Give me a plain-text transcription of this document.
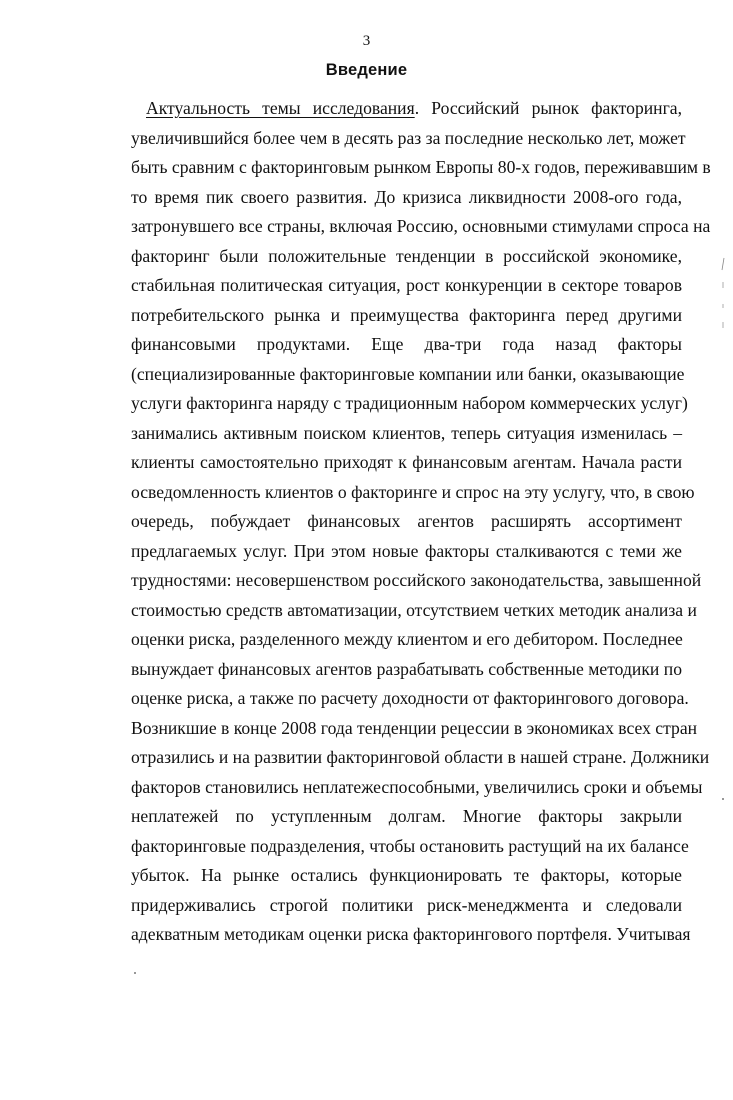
3
Введение
Актуальность темы исследования. Российский рынок факторинга,
увеличившийся более чем в десять раз за последние несколько лет, может
быть сравним с факторинговым рынком Европы 80-х годов, переживавшим в
то время пик своего развития. До кризиса ликвидности 2008-ого года,
затронувшего все страны, включая Россию, основными стимулами спроса на
факторинг были положительные тенденции в российской экономике,
стабильная политическая ситуация, рост конкуренции в секторе товаров
потребительского рынка и преимущества факторинга перед другими
финансовыми продуктами. Еще два-три года назад факторы
(специализированные факторинговые компании или банки, оказывающие
услуги факторинга наряду с традиционным набором коммерческих услуг)
занимались активным поиском клиентов, теперь ситуация изменилась –
клиенты самостоятельно приходят к финансовым агентам. Начала расти
осведомленность клиентов о факторинге и спрос на эту услугу, что, в свою
очередь, побуждает финансовых агентов расширять ассортимент
предлагаемых услуг. При этом новые факторы сталкиваются с теми же
трудностями: несовершенством российского законодательства, завышенной
стоимостью средств автоматизации, отсутствием четких методик анализа и
оценки риска, разделенного между клиентом и его дебитором. Последнее
вынуждает финансовых агентов разрабатывать собственные методики по
оценке риска, а также по расчету доходности от факторингового договора.
Возникшие в конце 2008 года тенденции рецессии в экономиках всех стран
отразились и на развитии факторинговой области в нашей стране. Должники
факторов становились неплатежеспособными, увеличились сроки и объемы
неплатежей по уступленным долгам. Многие факторы закрыли
факторинговые подразделения, чтобы остановить растущий на их балансе
убыток. На рынке остались функционировать те факторы, которые
придерживались строгой политики риск-менеджмента и следовали
адекватным методикам оценки риска факторингового портфеля. Учитывая
